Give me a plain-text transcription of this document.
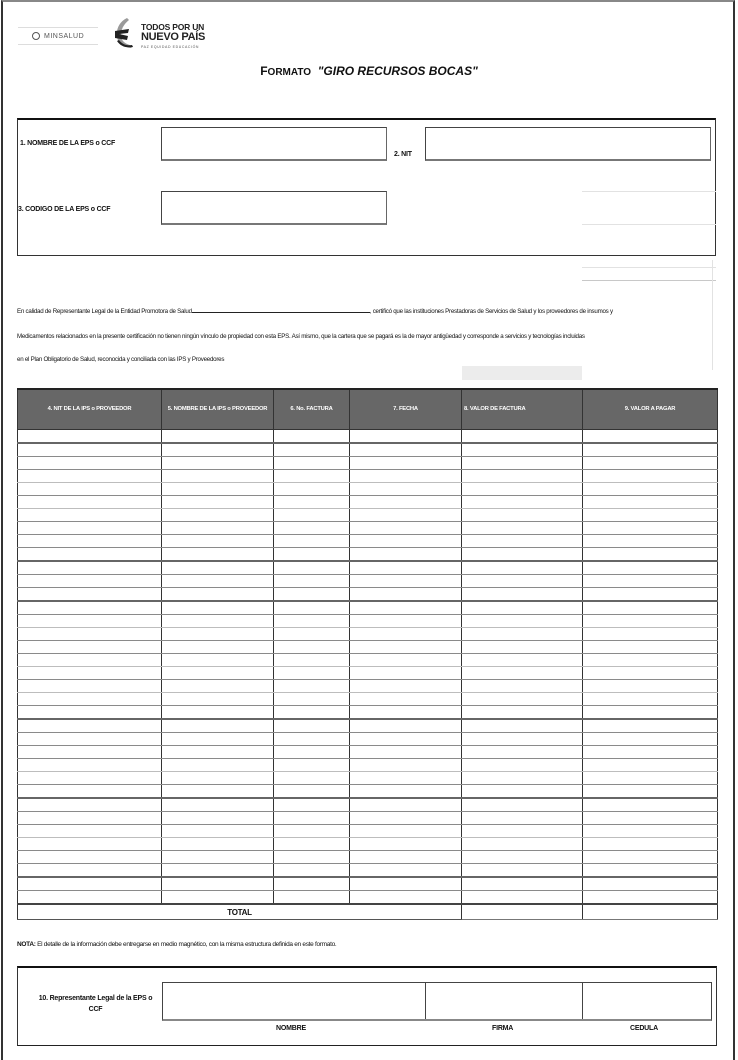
MINSALUD
TODOS POR UN
NUEVO PAÍS
PAZ EQUIDAD EDUCACIÓN
FORMATO "GIRO RECURSOS BOCAS"
1. NOMBRE DE LA EPS o CCF
2. NIT
3. CODIGO DE LA EPS o CCF
En calidad de Representante Legal de la Entidad Promotora de Salud	, certificó que las instituciones Prestadoras de Servicios de Salud y los proveedores de insumos y
Medicamentos relacionados en la presente certificación no tienen ningún vínculo de propiedad con esta EPS. Así mismo, que la cartera que se pagará es la de mayor antigüedad y corresponde a servicios y tecnologías incluidas
en el Plan Obligatorio de Salud, reconocida y conciliada con las IPS y Proveedores
4. NIT DE LA IPS o PROVEEDOR	5. NOMBRE DE LA IPS o PROVEEDOR	6. No. FACTURA	7. FECHA	8. VALOR DE FACTURA	9. VALOR A PAGAR

TOTAL					
NOTA: El detalle de la información debe entregarse en medio magnético, con la misma estructura definida en este formato.
10. Representante Legal de la EPS o
CCF
NOMBRE	FIRMA	CEDULA
